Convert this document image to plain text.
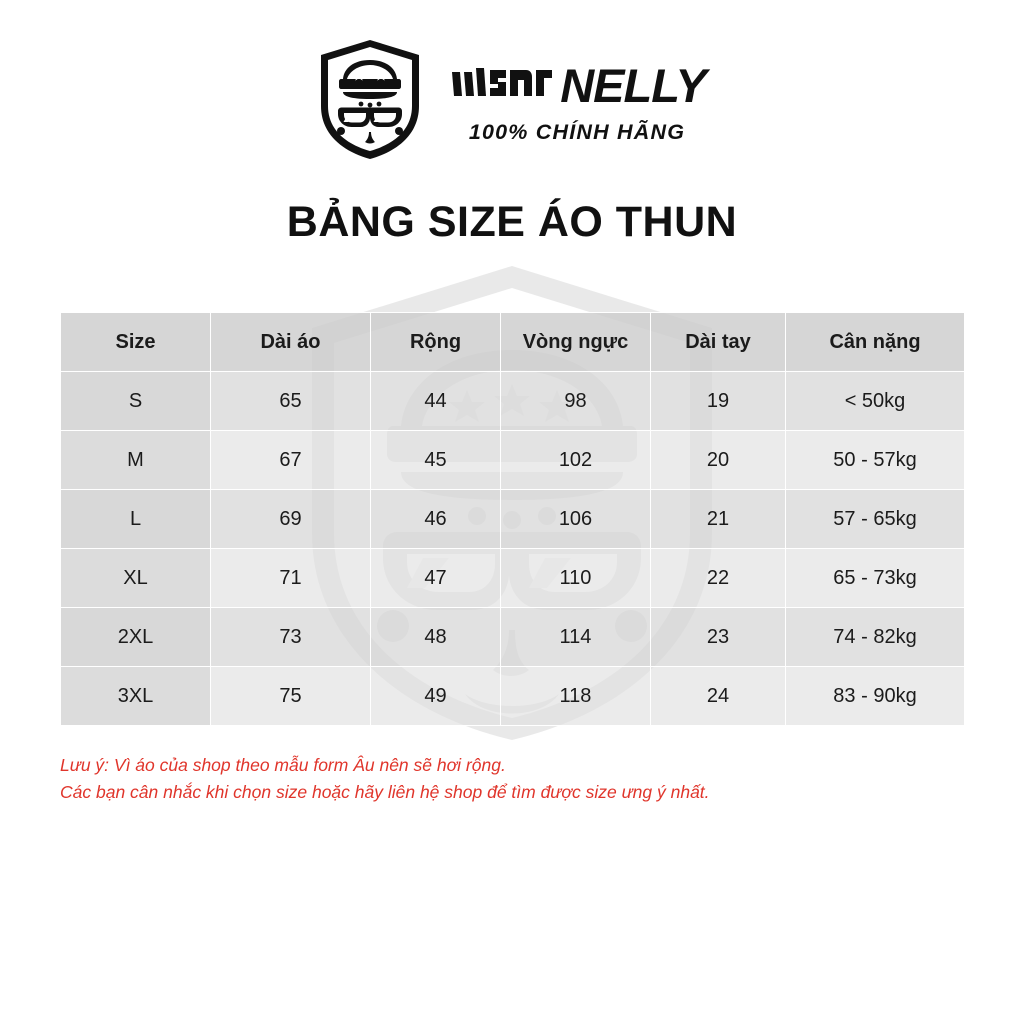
NELLY
100% CHÍNH HÃNG
BẢNG SIZE ÁO THUN
Size	Dài áo	Rộng	Vòng ngực	Dài tay	Cân nặng
S	65	44	98	19	< 50kg
M	67	45	102	20	50 - 57kg
L	69	46	106	21	57 - 65kg
XL	71	47	110	22	65 - 73kg
2XL	73	48	114	23	74 - 82kg
3XL	75	49	118	24	83 - 90kg
Lưu ý: Vì áo của shop theo mẫu form Âu nên sẽ hơi rộng.
Các bạn cân nhắc khi chọn size hoặc hãy liên hệ shop để tìm được size ưng ý nhất.
